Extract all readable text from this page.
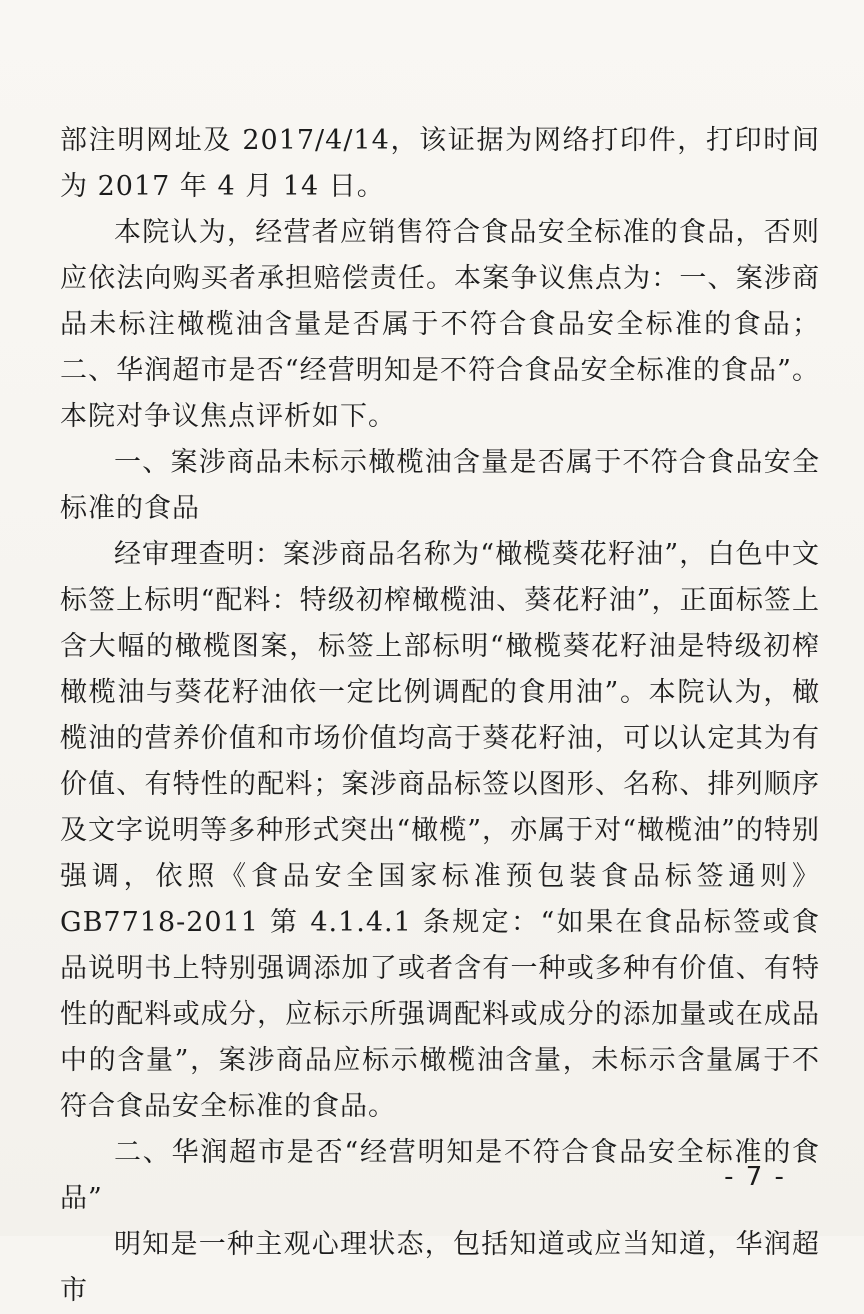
部注明网址及 2017/4/14，该证据为网络打印件，打印时间为 2017 年 4 月 14 日。

本院认为，经营者应销售符合食品安全标准的食品，否则应依法向购买者承担赔偿责任。本案争议焦点为：一、案涉商品未标注橄榄油含量是否属于不符合食品安全标准的食品；二、华润超市是否“经营明知是不符合食品安全标准的食品”。本院对争议焦点评析如下。

一、案涉商品未标示橄榄油含量是否属于不符合食品安全标准的食品

经审理查明：案涉商品名称为“橄榄葵花籽油”，白色中文标签上标明“配料：特级初榨橄榄油、葵花籽油”，正面标签上含大幅的橄榄图案，标签上部标明“橄榄葵花籽油是特级初榨橄榄油与葵花籽油依一定比例调配的食用油”。本院认为，橄榄油的营养价值和市场价值均高于葵花籽油，可以认定其为有价值、有特性的配料；案涉商品标签以图形、名称、排列顺序及文字说明等多种形式突出“橄榄”，亦属于对“橄榄油”的特别强调，依照《食品安全国家标准预包装食品标签通则》GB7718-2011 第 4.1.4.1 条规定：“如果在食品标签或食品说明书上特别强调添加了或者含有一种或多种有价值、有特性的配料或成分，应标示所强调配料或成分的添加量或在成品中的含量”，案涉商品应标示橄榄油含量，未标示含量属于不符合食品安全标准的食品。

二、华润超市是否“经营明知是不符合食品安全标准的食品”

明知是一种主观心理状态，包括知道或应当知道，华润超市

- 7 -
